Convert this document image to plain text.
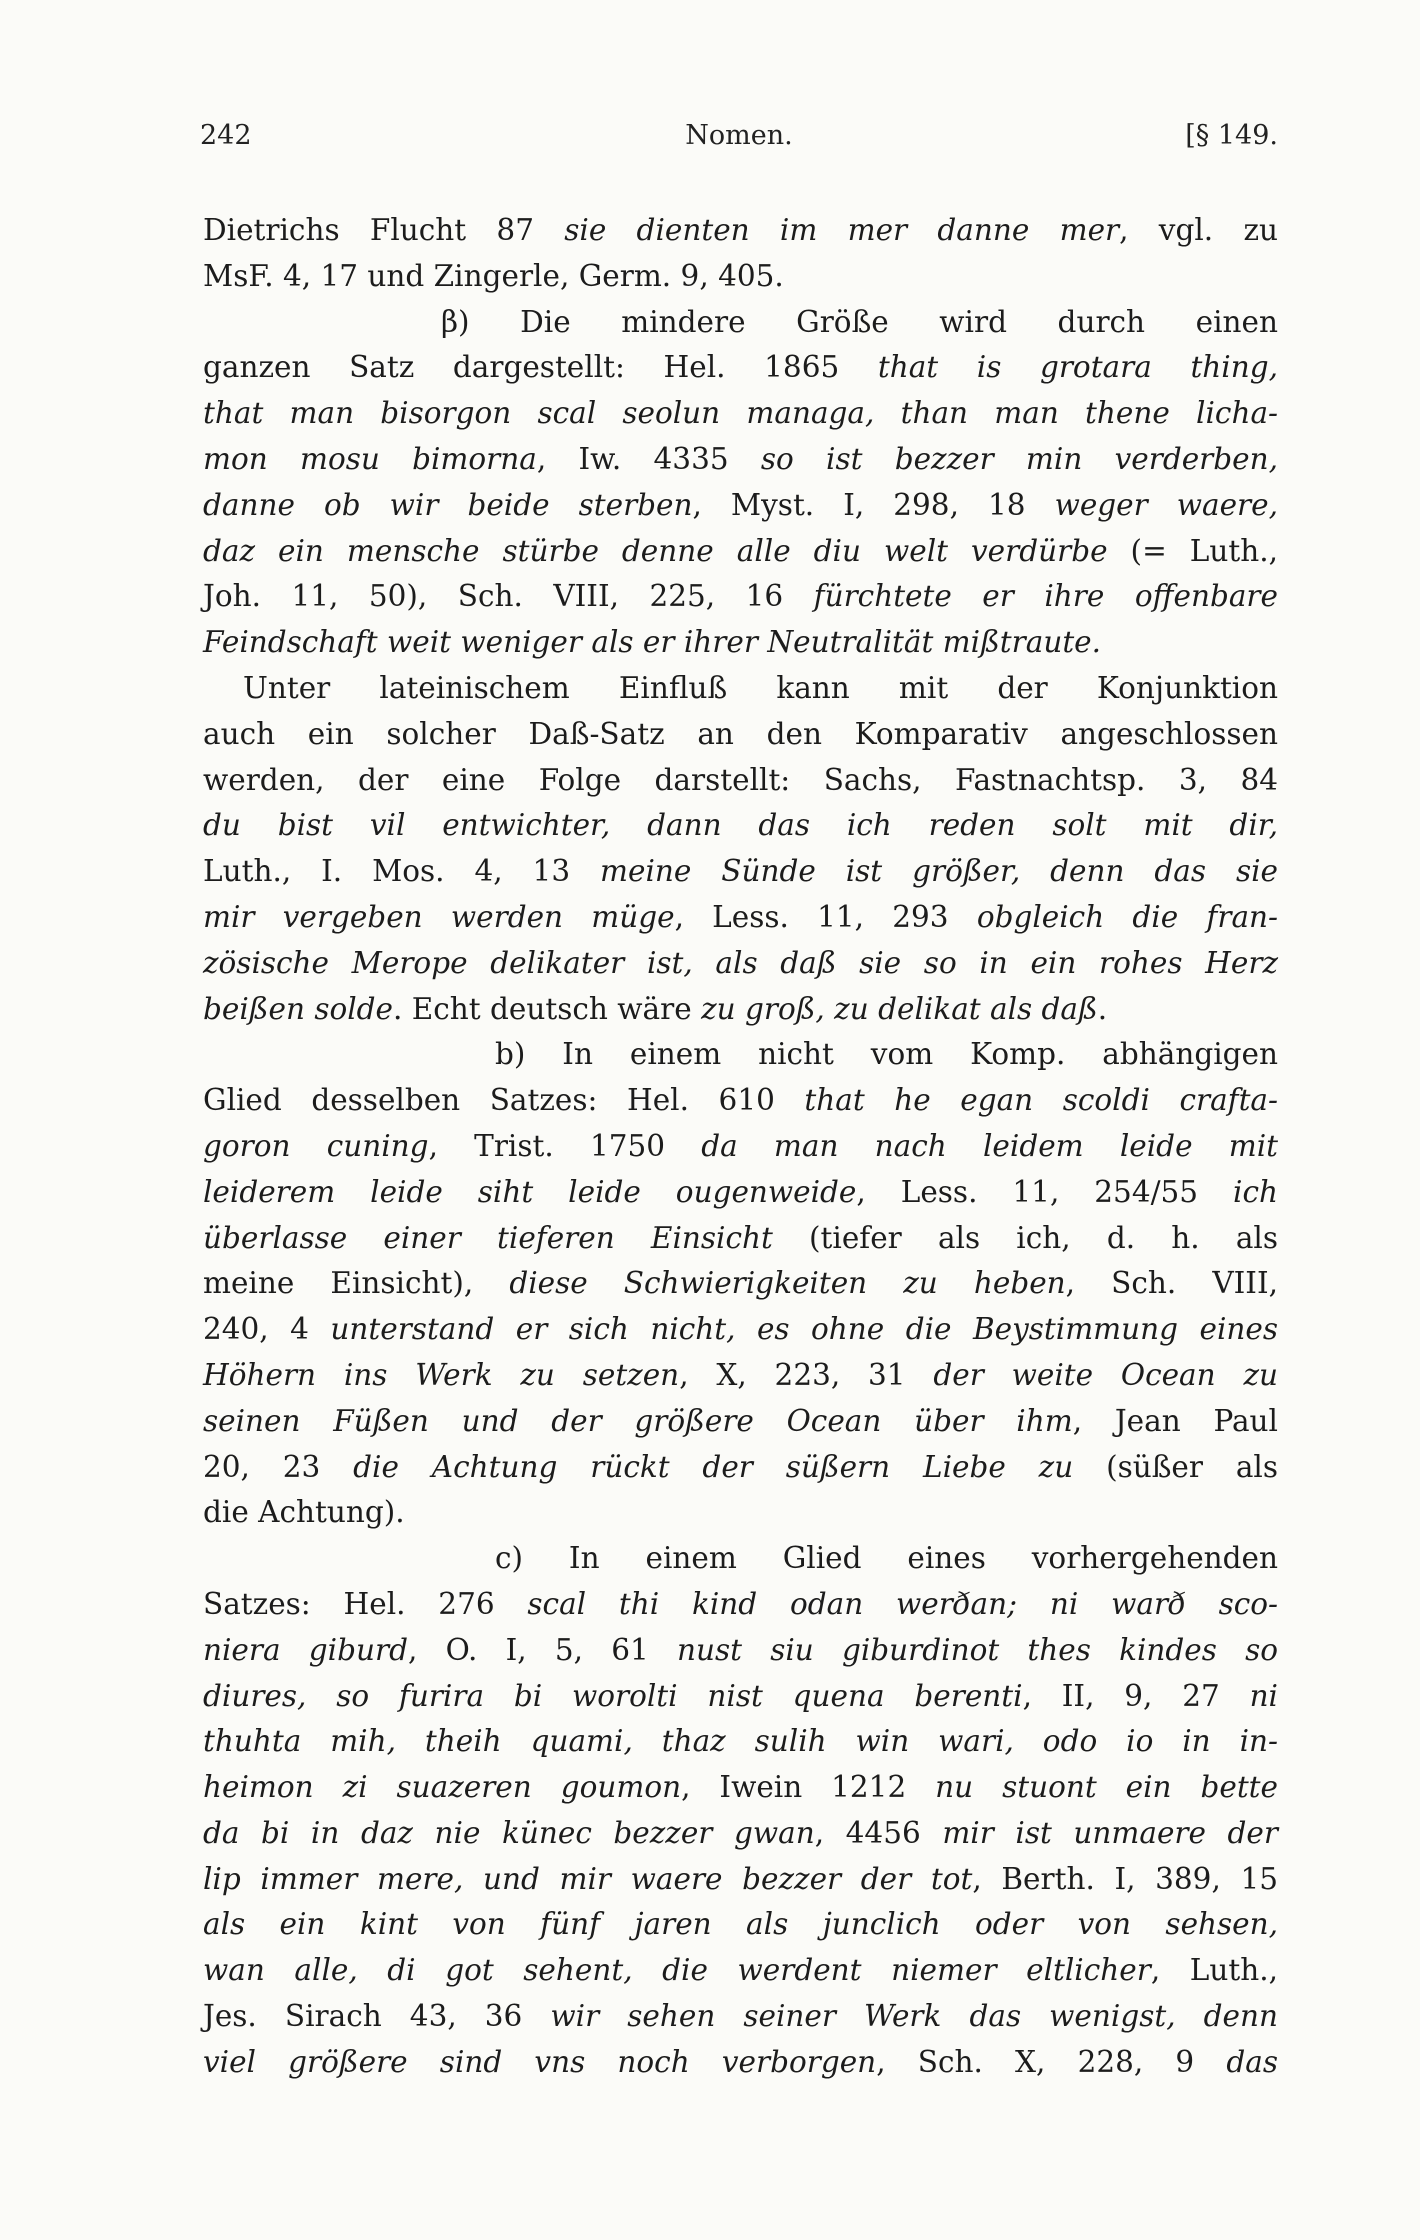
242	Nomen.	[§ 149.
Dietrichs Flucht 87 sie dienten im mer danne mer, vgl. zu
MsF. 4, 17 und Zingerle, Germ. 9, 405.
β) Die mindere Größe wird durch einen
ganzen Satz dargestellt: Hel. 1865 that is grotara thing,
that man bisorgon scal seolun managa, than man thene licha-
mon mosu bimorna, Iw. 4335 so ist bezzer min verderben,
danne ob wir beide sterben, Myst. I, 298, 18 weger waere,
daz ein mensche stürbe denne alle diu welt verdürbe (= Luth.,
Joh. 11, 50), Sch. VIII, 225, 16 fürchtete er ihre offenbare
Feindschaft weit weniger als er ihrer Neutralität mißtraute.
Unter lateinischem Einfluß kann mit der Konjunktion
auch ein solcher Daß-Satz an den Komparativ angeschlossen
werden, der eine Folge darstellt: Sachs, Fastnachtsp. 3, 84
du bist vil entwichter, dann das ich reden solt mit dir,
Luth., I. Mos. 4, 13 meine Sünde ist größer, denn das sie
mir vergeben werden müge, Less. 11, 293 obgleich die fran-
zösische Merope delikater ist, als daß sie so in ein rohes Herz
beißen solde. Echt deutsch wäre zu groß, zu delikat als daß.
b) In einem nicht vom Komp. abhängigen
Glied desselben Satzes: Hel. 610 that he egan scoldi crafta-
goron cuning, Trist. 1750 da man nach leidem leide mit
leiderem leide siht leide ougenweide, Less. 11, 254/55 ich
überlasse einer tieferen Einsicht (tiefer als ich, d. h. als
meine Einsicht), diese Schwierigkeiten zu heben, Sch. VIII,
240, 4 unterstand er sich nicht, es ohne die Beystimmung eines
Höhern ins Werk zu setzen, X, 223, 31 der weite Ocean zu
seinen Füßen und der größere Ocean über ihm, Jean Paul
20, 23 die Achtung rückt der süßern Liebe zu (süßer als
die Achtung).
c) In einem Glied eines vorhergehenden
Satzes: Hel. 276 scal thi kind odan werðan; ni warð sco-
niera giburd, O. I, 5, 61 nust siu giburdinot thes kindes so
diures, so furira bi worolti nist quena berenti, II, 9, 27 ni
thuhta mih, theih quami, thaz sulih win wari, odo io in in-
heimon zi suazeren goumon, Iwein 1212 nu stuont ein bette
da bi in daz nie künec bezzer gwan, 4456 mir ist unmaere der
lip immer mere, und mir waere bezzer der tot, Berth. I, 389, 15
als ein kint von fünf jaren als junclich oder von sehsen,
wan alle, di got sehent, die werdent niemer eltlicher, Luth.,
Jes. Sirach 43, 36 wir sehen seiner Werk das wenigst, denn
viel größere sind vns noch verborgen, Sch. X, 228, 9 das
